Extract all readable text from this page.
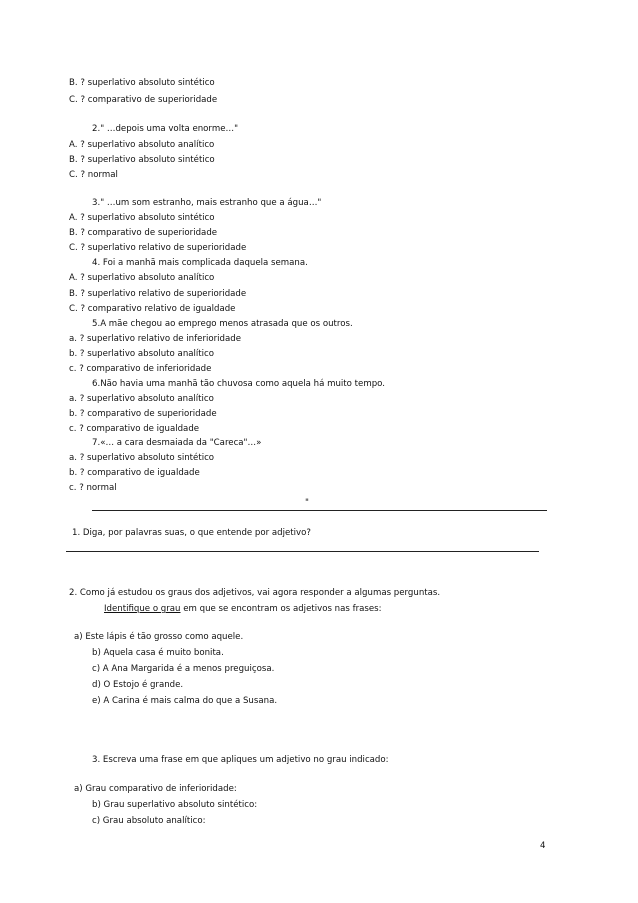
B. ? superlativo absoluto sintético
C. ? comparativo de superioridade
2." …depois uma volta enorme…"
A. ? superlativo absoluto analítico
B. ? superlativo absoluto sintético
C. ? normal
3." …um som estranho, mais estranho que a água…"
A. ? superlativo absoluto sintético
B. ? comparativo de superioridade
C. ? superlativo relativo de superioridade
4. Foi a manhã mais complicada daquela semana.
A. ? superlativo absoluto analítico
B. ? superlativo relativo de superioridade
C. ? comparativo relativo de igualdade
5.A mãe chegou ao emprego menos atrasada que os outros.
a. ? superlativo relativo de inferioridade
b. ? superlativo absoluto analítico
c. ? comparativo de inferioridade
6.Não havia uma manhã tão chuvosa como aquela há muito tempo.
a. ? superlativo absoluto analítico
b. ? comparativo de superioridade
c. ? comparativo de igualdade
7.«… a cara desmaiada da "Careca"…»
a. ? superlativo absoluto sintético
b. ? comparativo de igualdade
c. ? normal
"
1. Diga, por palavras suas, o que entende por adjetivo?
2. Como já estudou os graus dos adjetivos, vai agora responder a algumas perguntas.
Identifique o grau em que se encontram os adjetivos nas frases:
a) Este lápis é tão grosso como aquele.
b) Aquela casa é muito bonita.
c) A Ana Margarida é a menos preguiçosa.
d) O Estojo é grande.
e) A Carina é mais calma do que a Susana.
3. Escreva uma frase em que apliques um adjetivo no grau indicado:
a) Grau comparativo de inferioridade:
b) Grau superlativo absoluto sintético:
c) Grau absoluto analítico:
4
